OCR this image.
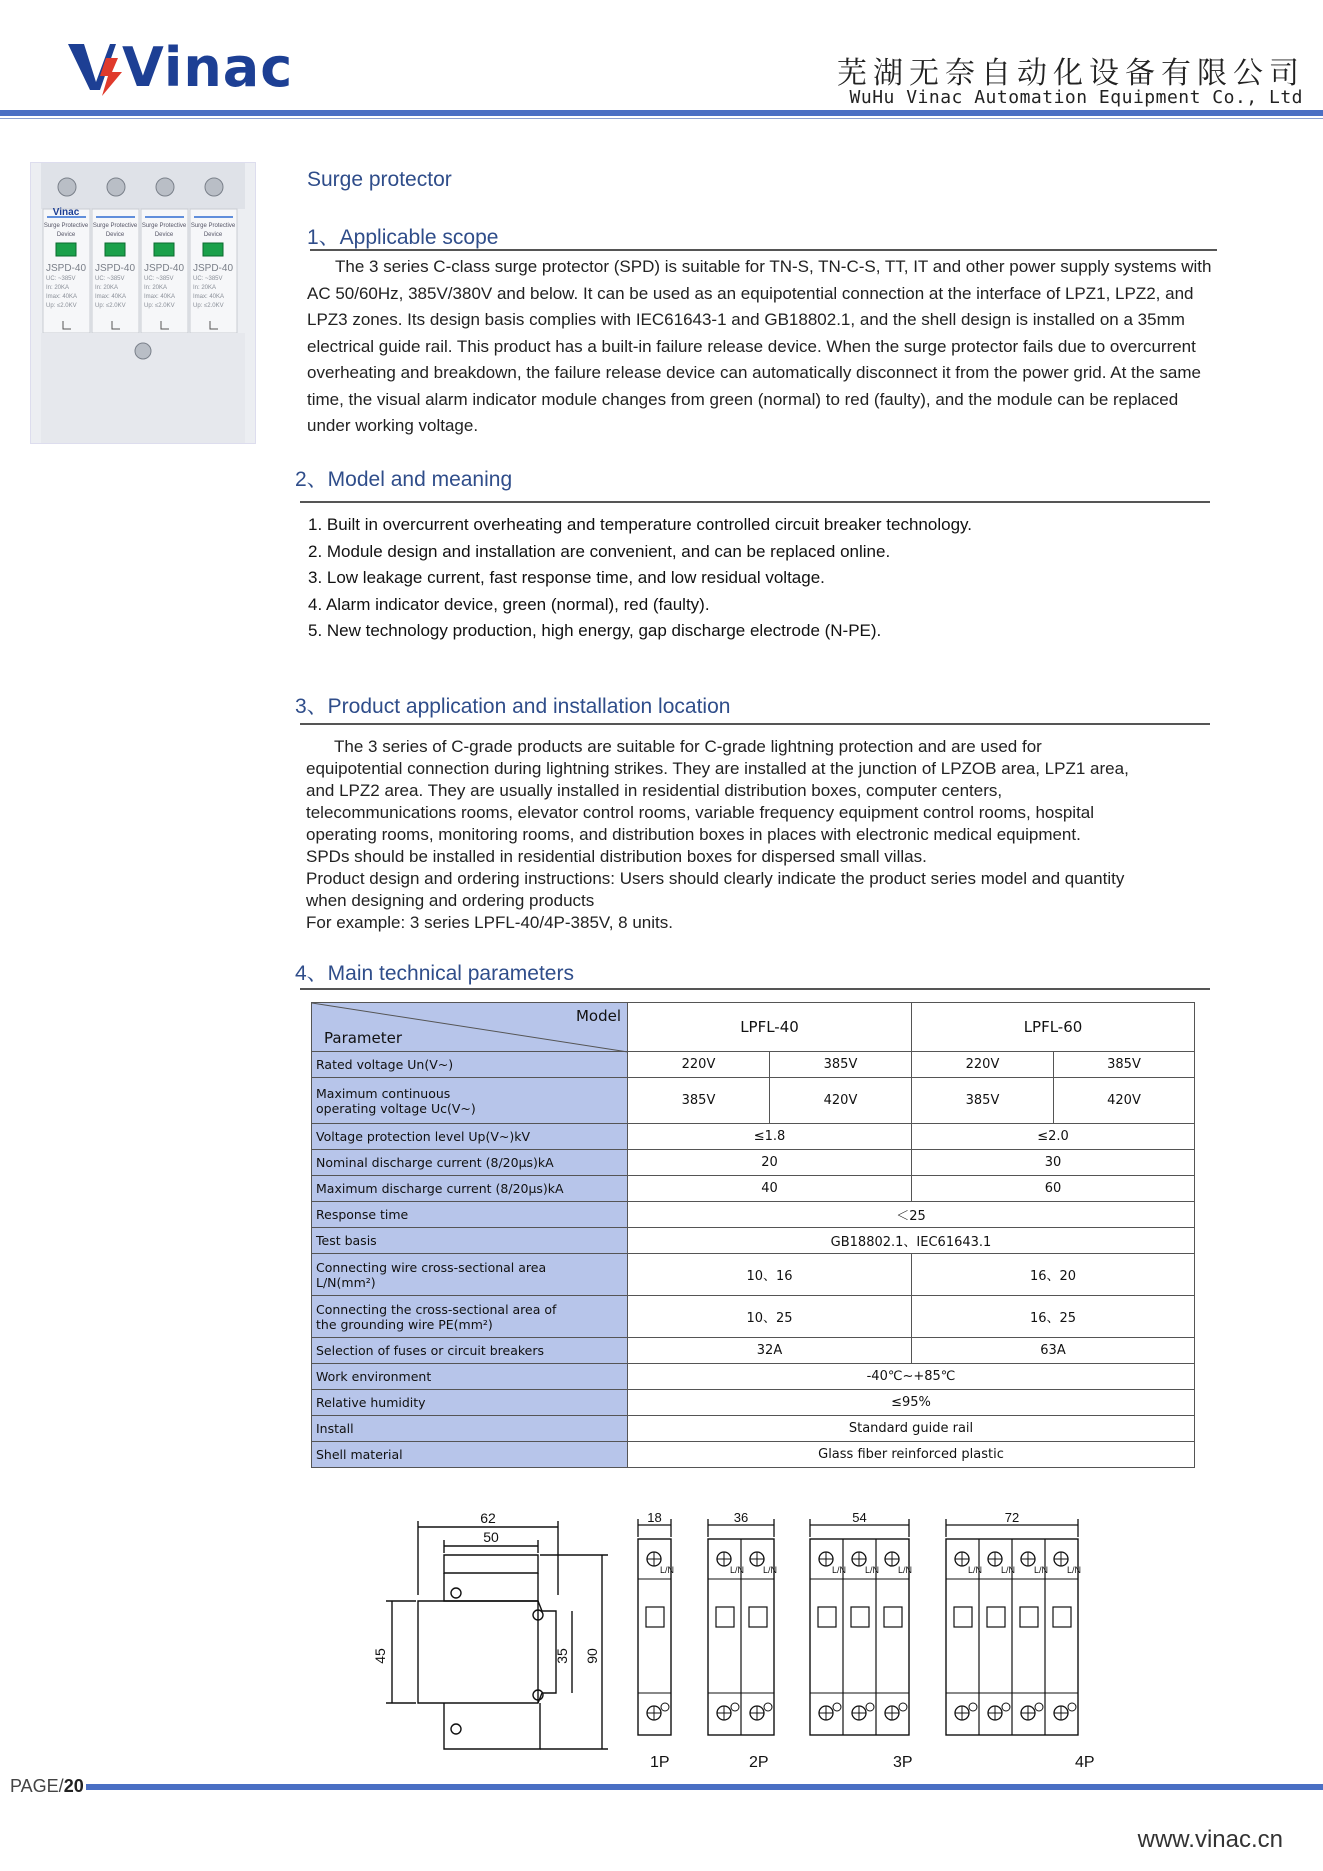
Vinac	芜湖无奈自动化设备有限公司
WuHu Vinac Automation Equipment Co., Ltd
Vinac
Surge Protective
Device
JSPD-40
UC: ~385V
In: 20KA
Imax: 40KA
Up: ≤2.0KV
Surge Protective
Device
JSPD-40
UC: ~385V
In: 20KA
Imax: 40KA
Up: ≤2.0KV
Surge Protective
Device
JSPD-40
UC: ~385V
In: 20KA
Imax: 40KA
Up: ≤2.0KV
Surge Protective
Device
JSPD-40
UC: ~385V
In: 20KA
Imax: 40KA
Up: ≤2.0KV
Surge protector
1、Applicable scope
The 3 series C-class surge protector (SPD) is suitable for TN-S, TN-C-S, TT, IT and other power supply systems with
AC 50/60Hz, 385V/380V and below. It can be used as an equipotential connection at the interface of LPZ1, LPZ2, and
LPZ3 zones. Its design basis complies with IEC61643-1 and GB18802.1, and the shell design is installed on a 35mm
electrical guide rail. This product has a built-in failure release device. When the surge protector fails due to overcurrent
overheating and breakdown, the failure release device can automatically disconnect it from the power grid. At the same
time, the visual alarm indicator module changes from green (normal) to red (faulty), and the module can be replaced
under working voltage.
2、Model and meaning
1. Built in overcurrent overheating and temperature controlled circuit breaker technology.
2. Module design and installation are convenient, and can be replaced online.
3. Low leakage current, fast response time, and low residual voltage.
4. Alarm indicator device, green (normal), red (faulty).
5. New technology production, high energy, gap discharge electrode (N-PE).
3、Product application and installation location
The 3 series of C-grade products are suitable for C-grade lightning protection and are used for
equipotential connection during lightning strikes. They are installed at the junction of LPZOB area, LPZ1 area,
and LPZ2 area. They are usually installed in residential distribution boxes, computer centers,
telecommunications rooms, elevator control rooms, variable frequency equipment control rooms, hospital
operating rooms, monitoring rooms, and distribution boxes in places with electronic medical equipment.
SPDs should be installed in residential distribution boxes for dispersed small villas.
Product design and ordering instructions: Users should clearly indicate the product series model and quantity
when designing and ordering products
For example: 3 series LPFL-40/4P-385V, 8 units.
4、Main technical parameters
Model
Parameter	LPFL-40		LPFL-60	
Rated voltage Un(V~)	220V	385V	220V	385V

Maximum continuous
operating voltage Uc(V~)	385V	420V	385V	420V
Voltage protection level Up(V~)kV	≤1.8		≤2.0	
Nominal discharge current (8/20μs)kA	20		30	
Maximum discharge current (8/20μs)kA	40		60	
Response time	＜25			
Test basis	GB18802.1、IEC61643.1			

Connecting wire cross-sectional area
L/N(mm²)	10、16		16、20	

Connecting the cross-sectional area of
the grounding wire PE(mm²)	10、25		16、25	
Selection of fuses or circuit breakers	32A		63A	
Work environment	-40℃~+85℃			
Relative humidity	≤95%			
Install	Standard guide rail			
Shell material	Glass fiber reinforced plastic			
62
50
45	35 90
18
L/N
36
L/N L/N
54
L/N L/N L/N
72
L/N L/N L/N L/N
1P	2P	3P	4P
PAGE/20
www.vinac.cn
